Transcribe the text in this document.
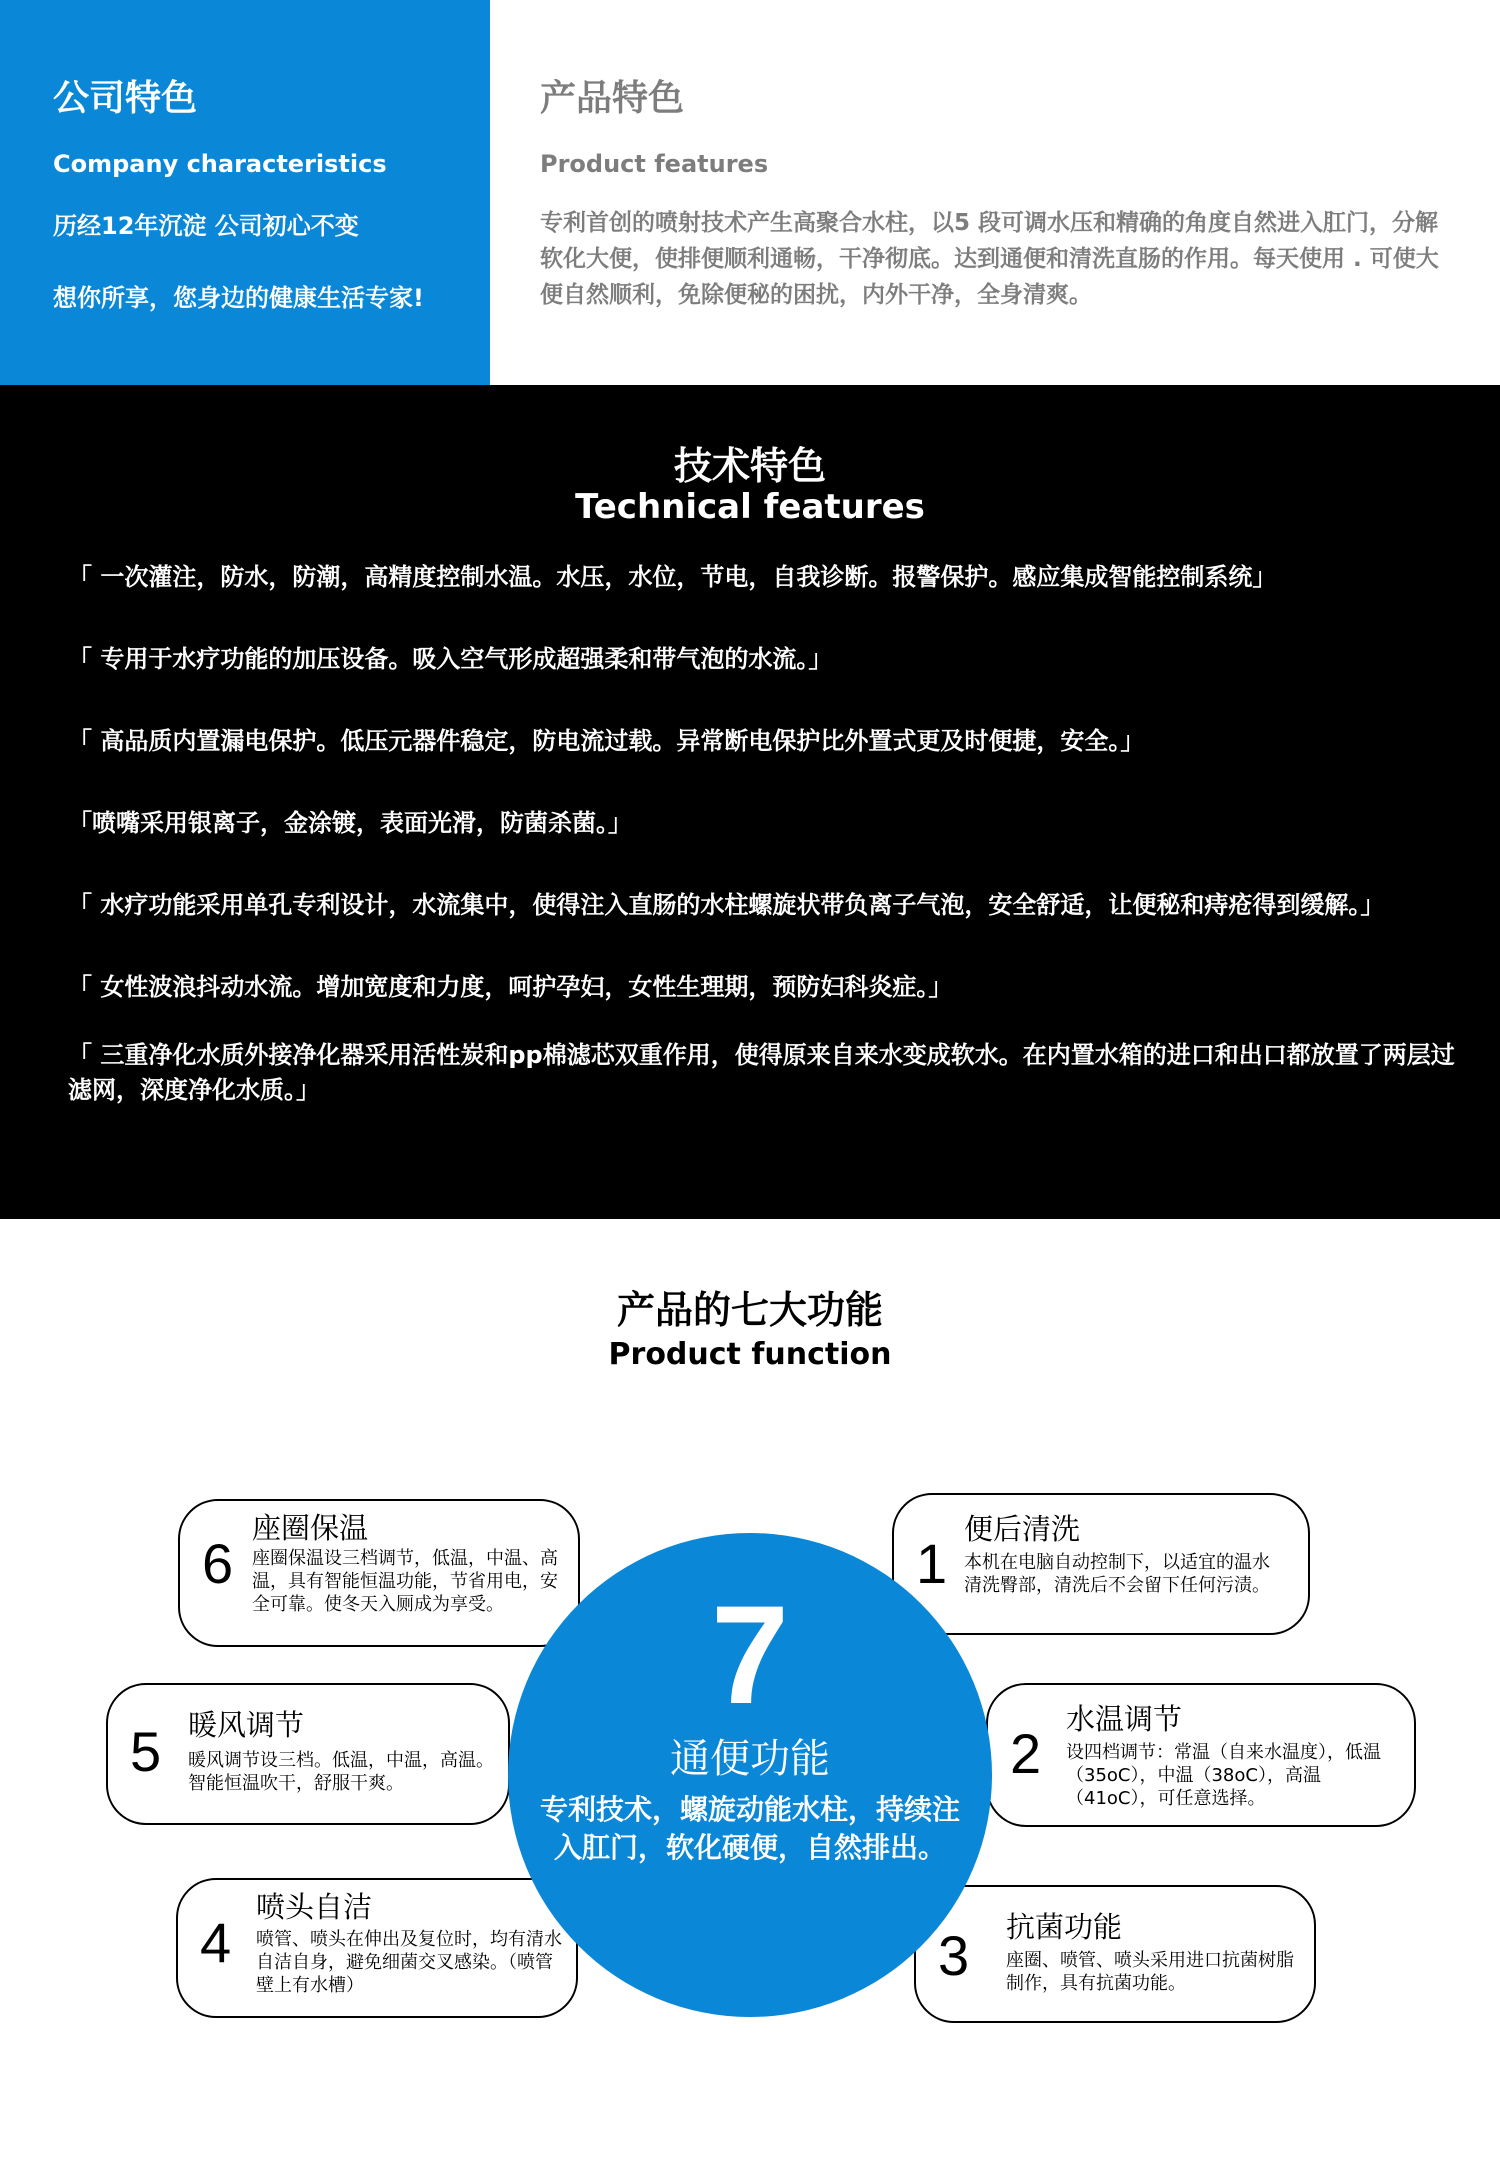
公司特色
Company characteristics
历经12年沉淀 公司初心不变
想你所享，您身边的健康生活专家!
产品特色
Product features
专利首创的喷射技术产生高聚合水柱，以5 段可调水压和精确的角度自然进入肛门，分解软化大便，使排便顺利通畅，干净彻底。达到通便和清洗直肠的作用。每天使用 . 可使大便自然顺利，免除便秘的困扰，内外干净，全身清爽。
技术特色
Technical features
「 一次灌注，防水，防潮，高精度控制水温。水压，水位，节电，自我诊断。报警保护。感应集成智能控制系统」
「 专用于水疗功能的加压设备。吸入空气形成超强柔和带气泡的水流。」
「 高品质内置漏电保护。低压元器件稳定，防电流过载。异常断电保护比外置式更及时便捷，安全。」
「喷嘴采用银离子，金涂镀，表面光滑，防菌杀菌。」
「 水疗功能采用单孔专利设计，水流集中，使得注入直肠的水柱螺旋状带负离子气泡，安全舒适，让便秘和痔疮得到缓解。」
「 女性波浪抖动水流。增加宽度和力度，呵护孕妇，女性生理期，预防妇科炎症。」
「 三重净化水质外接净化器采用活性炭和pp棉滤芯双重作用，使得原来自来水变成软水。在内置水箱的进口和出口都放置了两层过滤网，深度净化水质。」
产品的七大功能
Product function
6
座圈保温
座圈保温设三档调节，低温，中温、高温，具有智能恒温功能，节省用电，安全可靠。使冬天入厕成为享受。
5 暖风调节
暖风调节设三档。低温，中温，高温。智能恒温吹干，舒服干爽。
4
喷头自洁
喷管、喷头在伸出及复位时，均有清水自洁自身，避免细菌交叉感染。（喷管壁上有水槽）
1
便后清洗
本机在电脑自动控制下，以适宜的温水清洗臀部，清洗后不会留下任何污渍。
2
水温调节
设四档调节：常温（自来水温度），低温（35oC），中温（38oC），高温（41oC），可任意选择。
3 抗菌功能
座圈、喷管、喷头采用进口抗菌树脂制作，具有抗菌功能。
7
通便功能
专利技术，螺旋动能水柱，持续注入肛门，软化硬便，自然排出。
